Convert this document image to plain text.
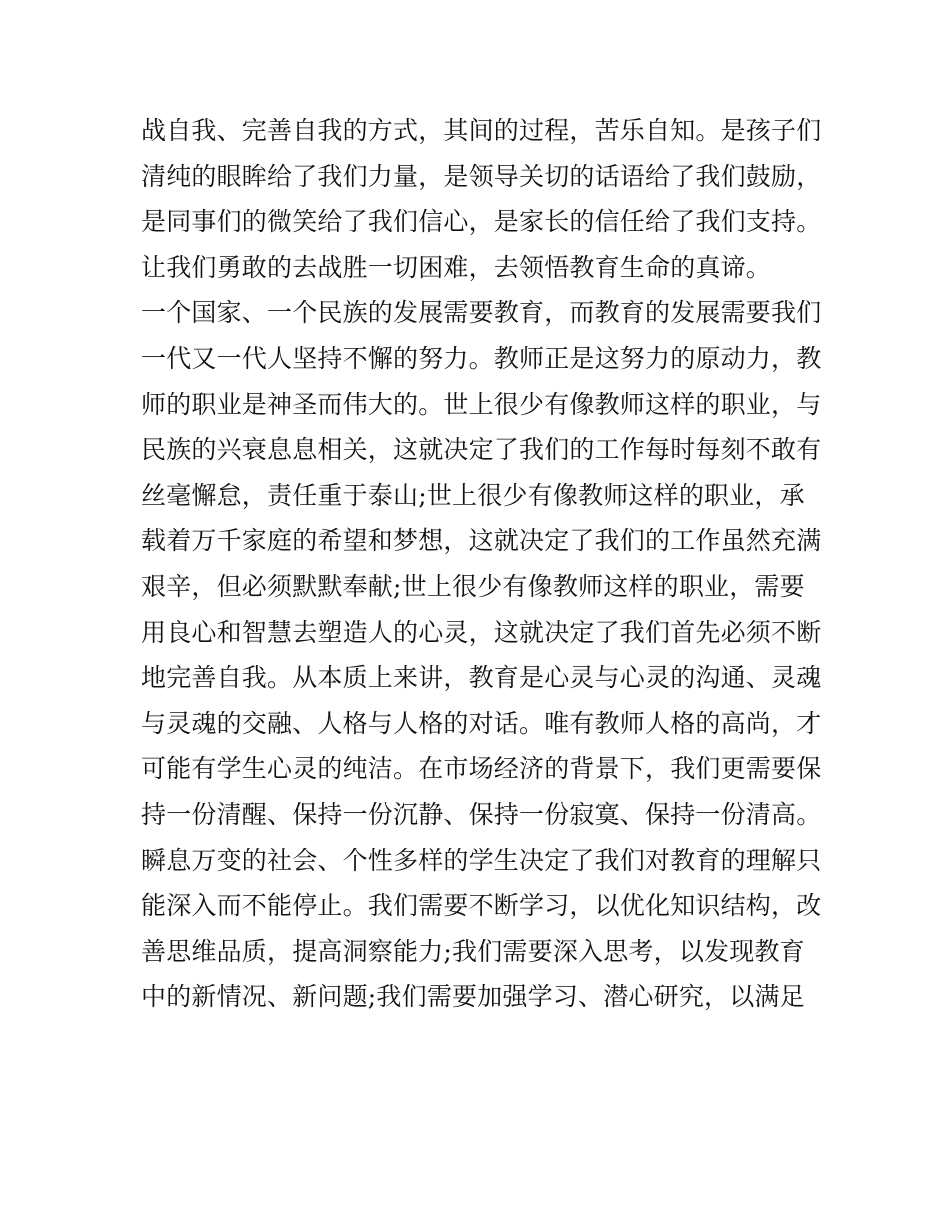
战自我、完善自我的方式，其间的过程，苦乐自知。是孩子们
清纯的眼眸给了我们力量，是领导关切的话语给了我们鼓励，
是同事们的微笑给了我们信心，是家长的信任给了我们支持。
让我们勇敢的去战胜一切困难，去领悟教育生命的真谛。
一个国家、一个民族的发展需要教育，而教育的发展需要我们
一代又一代人坚持不懈的努力。教师正是这努力的原动力，教
师的职业是神圣而伟大的。世上很少有像教师这样的职业，与
民族的兴衰息息相关，这就决定了我们的工作每时每刻不敢有
丝毫懈怠，责任重于泰山;世上很少有像教师这样的职业，承
载着万千家庭的希望和梦想，这就决定了我们的工作虽然充满
艰辛，但必须默默奉献;世上很少有像教师这样的职业，需要
用良心和智慧去塑造人的心灵，这就决定了我们首先必须不断
地完善自我。从本质上来讲，教育是心灵与心灵的沟通、灵魂
与灵魂的交融、人格与人格的对话。唯有教师人格的高尚，才
可能有学生心灵的纯洁。在市场经济的背景下，我们更需要保
持一份清醒、保持一份沉静、保持一份寂寞、保持一份清高。
瞬息万变的社会、个性多样的学生决定了我们对教育的理解只
能深入而不能停止。我们需要不断学习，以优化知识结构，改
善思维品质，提高洞察能力;我们需要深入思考，以发现教育
中的新情况、新问题;我们需要加强学习、潜心研究，以满足
